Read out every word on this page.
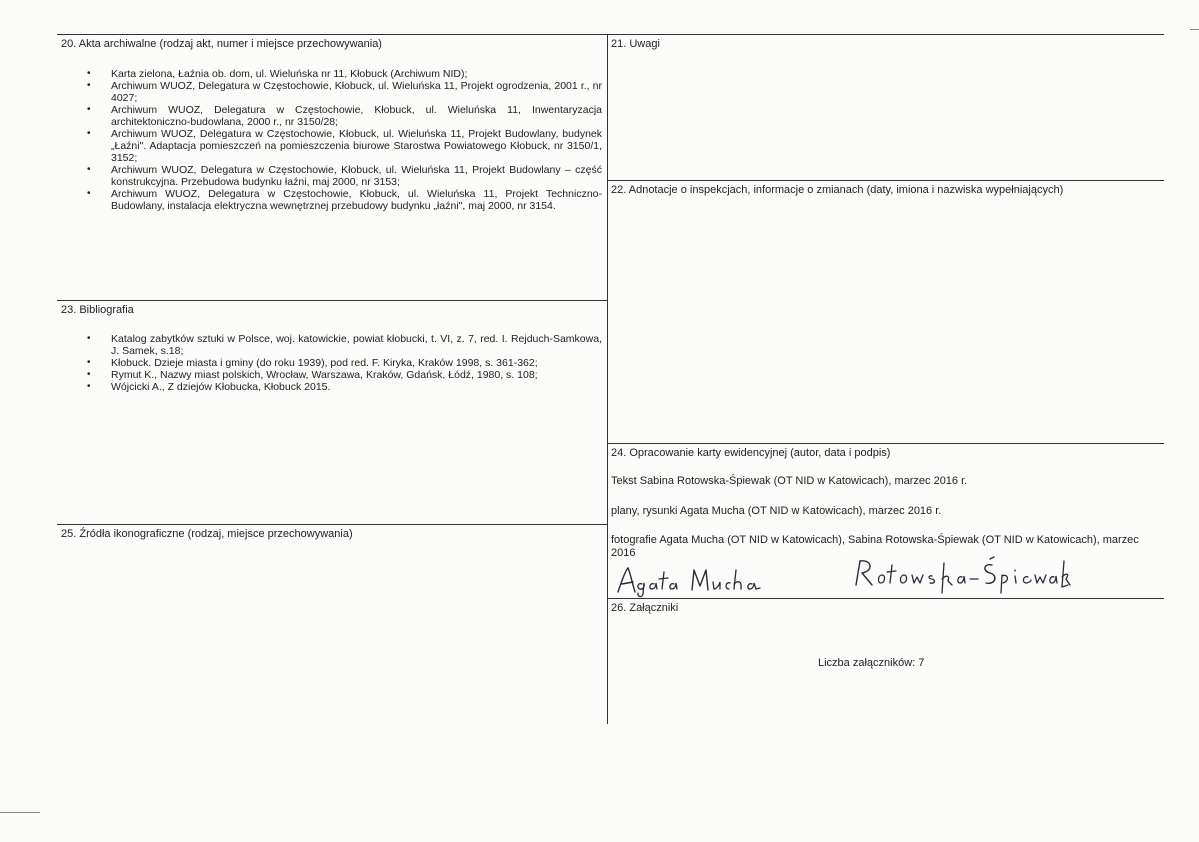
20. Akta archiwalne (rodzaj akt, numer i miejsce przechowywania)
• Karta zielona, Łaźnia ob. dom, ul. Wieluńska nr 11, Kłobuck (Archiwum NID);
• Archiwum WUOZ, Delegatura w Częstochowie, Kłobuck, ul. Wieluńska 11, Projekt ogrodzenia, 2001 r., nr 4027;
• Archiwum WUOZ, Delegatura w Częstochowie, Kłobuck, ul. Wieluńska 11, Inwentaryzacja architektoniczno-budowlana, 2000 r., nr 3150/28;
• Archiwum WUOZ, Delegatura w Częstochowie, Kłobuck, ul. Wieluńska 11, Projekt Budowlany, budynek „Łaźni". Adaptacja pomieszczeń na pomieszczenia biurowe Starostwa Powiatowego Kłobuck, nr 3150/1, 3152;
• Archiwum WUOZ, Delegatura w Częstochowie, Kłobuck, ul. Wieluńska 11, Projekt Budowlany – część konstrukcyjna. Przebudowa budynku łaźni, maj 2000, nr 3153;
• Archiwum WUOZ, Delegatura w Częstochowie, Kłobuck, ul. Wieluńska 11, Projekt Techniczno-Budowlany, instalacja elektryczna wewnętrznej przebudowy budynku „łaźni", maj 2000, nr 3154.
21. Uwagi
22. Adnotacje o inspekcjach, informacje o zmianach (daty, imiona i nazwiska wypełniających)
23. Bibliografia
• Katalog zabytków sztuki w Polsce, woj. katowickie, powiat kłobucki, t. VI, z. 7, red. I. Rejduch-Samkowa, J. Samek, s.18;
• Kłobuck. Dzieje miasta i gminy (do roku 1939), pod red. F. Kiryka, Kraków 1998, s. 361-362;
• Rymut K., Nazwy miast polskich, Wrocław, Warszawa, Kraków, Gdańsk, Łódź, 1980, s. 108;
• Wójcicki A., Z dziejów Kłobucka, Kłobuck 2015.
24. Opracowanie karty ewidencyjnej (autor, data i podpis)
Tekst Sabina Rotowska-Śpiewak (OT NID w Katowicach), marzec 2016 r.
plany, rysunki Agata Mucha (OT NID w Katowicach), marzec 2016 r.
fotografie Agata Mucha (OT NID w Katowicach), Sabina Rotowska-Śpiewak (OT NID w Katowicach), marzec
2016
25. Źródła ikonograficzne (rodzaj, miejsce przechowywania)
26. Załączniki
Liczba załączników: 7
